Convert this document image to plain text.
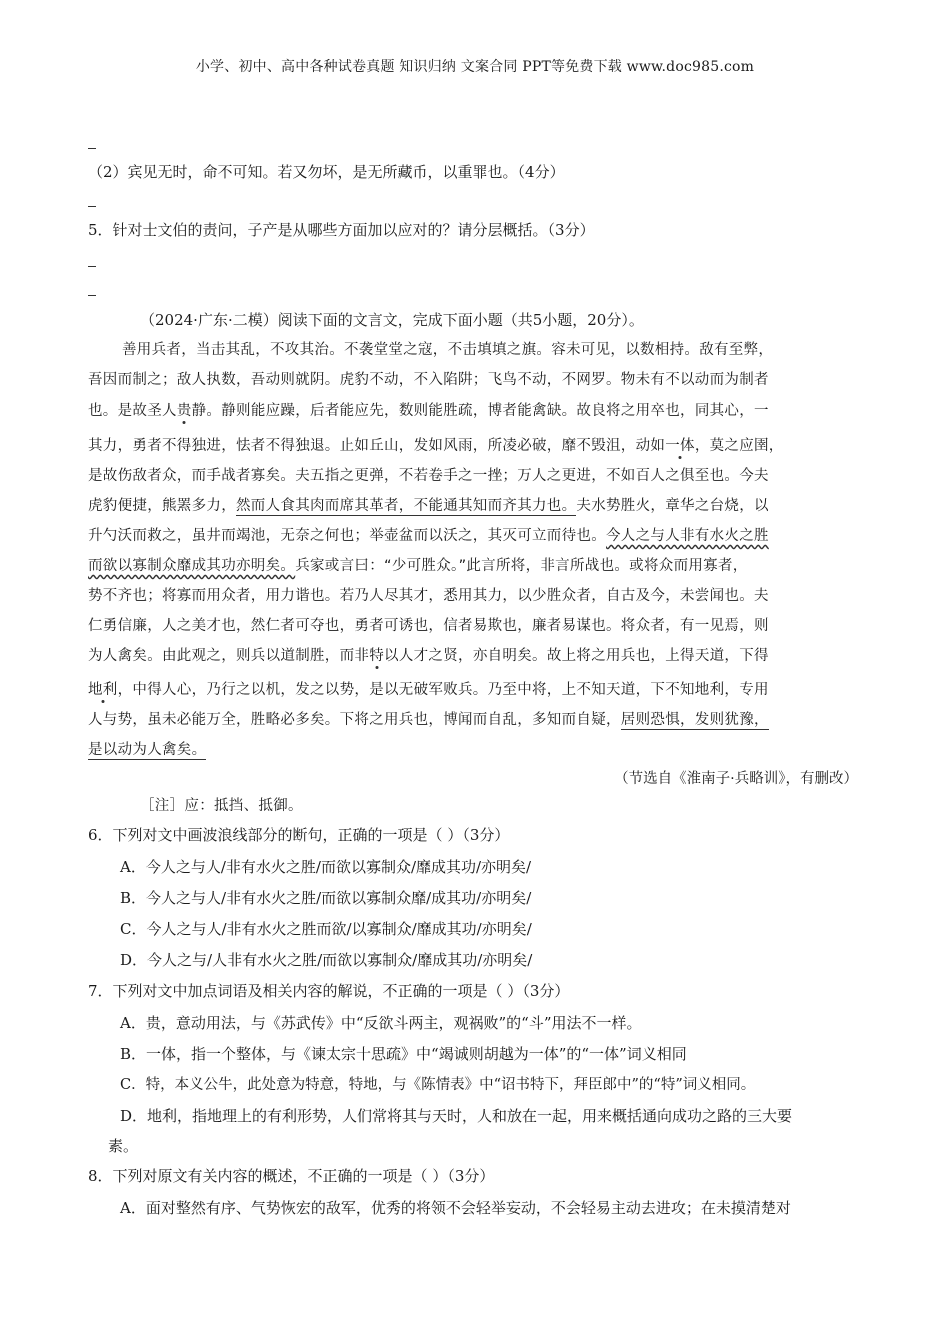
小学、初中、高中各种试卷真题 知识归纳 文案合同 PPT等免费下载 www.doc985.com
（2）宾见无时，命不可知。若又勿坏，是无所藏币，以重罪也。（4分）
5．针对士文伯的责问，子产是从哪些方面加以应对的？请分层概括。（3分）
（2024·广东·二模）阅读下面的文言文，完成下面小题（共5小题，20分）。
善用兵者，当击其乱，不攻其治。不袭堂堂之寇，不击填填之旗。容未可见，以数相持。敌有至弊，
吾因而制之；敌人执数，吾动则就阴。虎豹不动，不入陷阱；飞鸟不动，不网罗。物未有不以动而为制者
也。是故圣人贵静。静则能应躁，后者能应先，数则能胜疏，博者能禽缺。故良将之用卒也，同其心，一
其力，勇者不得独进，怯者不得独退。止如丘山，发如风雨，所凌必破，靡不毁沮，动如一体，莫之应圉，
是故伤敌者众，而手战者寡矣。夫五指之更弹，不若卷手之一挫；万人之更进，不如百人之俱至也。今夫
虎豹便捷，熊罴多力，然而人食其肉而席其革者，不能通其知而齐其力也。夫水势胜火，章华之台烧，以
升勺沃而救之，虽井而竭池，无奈之何也；举壶盆而以沃之，其灭可立而待也。今人之与人非有水火之胜
而欲以寡制众靡成其功亦明矣。兵家或言曰：“少可胜众。”此言所将，非言所战也。或将众而用寡者，
势不齐也；将寡而用众者，用力谐也。若乃人尽其才，悉用其力，以少胜众者，自古及今，未尝闻也。夫
仁勇信廉，人之美才也，然仁者可夺也，勇者可诱也，信者易欺也，廉者易谋也。将众者，有一见焉，则
为人禽矣。由此观之，则兵以道制胜，而非特以人才之贤，亦自明矣。故上将之用兵也，上得天道，下得
地利，中得人心，乃行之以机，发之以势，是以无破军败兵。乃至中将，上不知天道，下不知地利，专用
人与势，虽未必能万全，胜略必多矣。下将之用兵也，博闻而自乱，多知而自疑，居则恐惧，发则犹豫，
是以动为人禽矣。
（节选自《淮南子·兵略训》，有删改）
［注］应：抵挡、抵御。
6．下列对文中画波浪线部分的断句，正确的一项是（ ）（3分）
A．今人之与人/非有水火之胜/而欲以寡制众/靡成其功/亦明矣/
B．今人之与人/非有水火之胜/而欲以寡制众靡/成其功/亦明矣/
C．今人之与人/非有水火之胜而欲/以寡制众/靡成其功/亦明矣/
D．今人之与/人非有水火之胜/而欲以寡制众/靡成其功/亦明矣/
7．下列对文中加点词语及相关内容的解说，不正确的一项是（ ）（3分）
A．贵，意动用法，与《苏武传》中“反欲斗两主，观祸败”的“斗”用法不一样。
B．一体，指一个整体，与《谏太宗十思疏》中“竭诚则胡越为一体”的“一体”词义相同
C．特，本义公牛，此处意为特意，特地，与《陈情表》中“诏书特下，拜臣郎中”的“特”词义相同。
D．地利，指地理上的有利形势，人们常将其与天时，人和放在一起，用来概括通向成功之路的三大要
素。
8．下列对原文有关内容的概述，不正确的一项是（ ）（3分）
A．面对整然有序、气势恢宏的敌军，优秀的将领不会轻举妄动，不会轻易主动去进攻；在未摸清楚对
